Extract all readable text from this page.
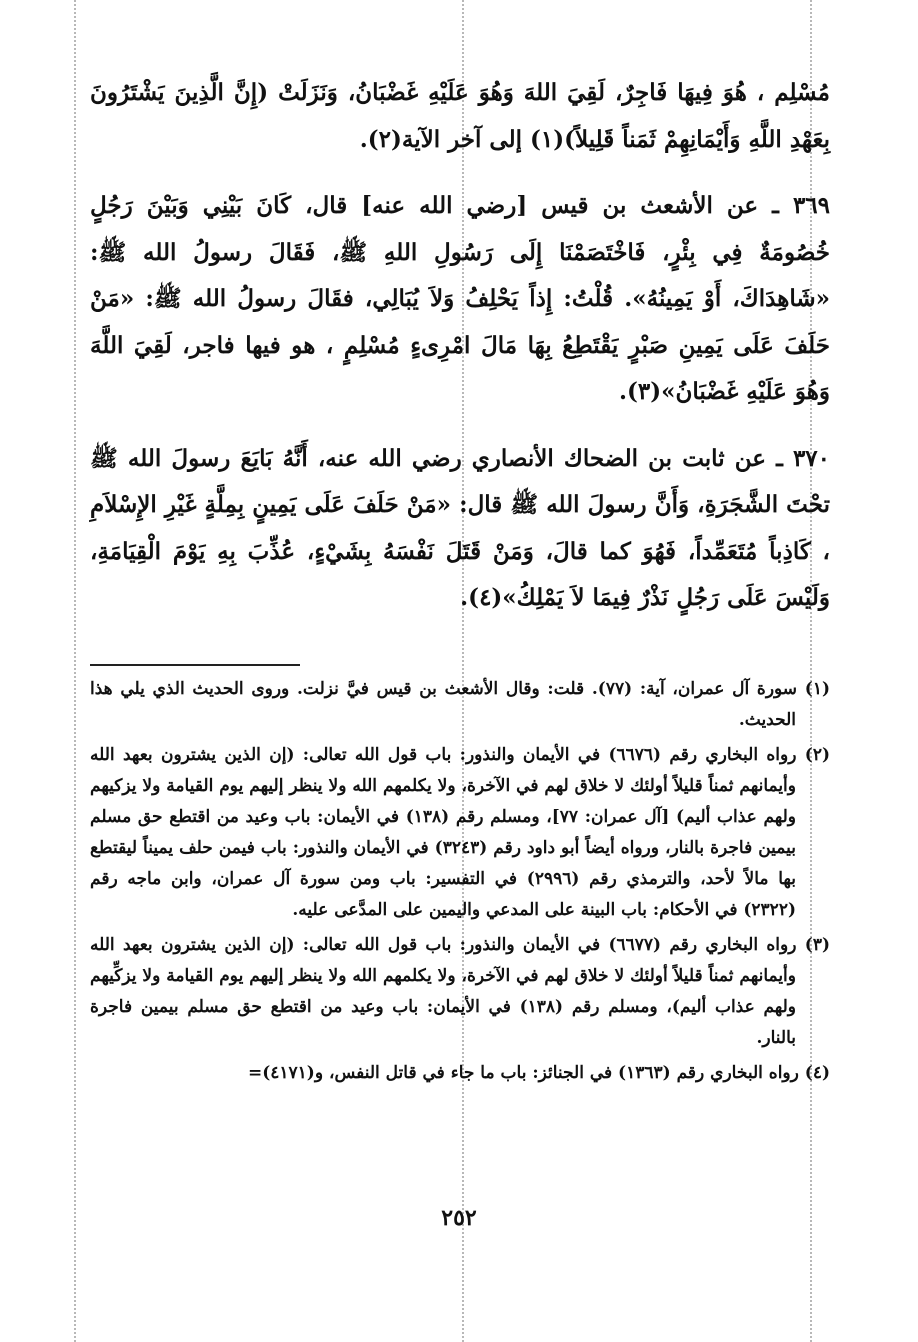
مُسْلِم ، هُوَ فِيهَا فَاجِرٌ، لَقِيَ اللهَ وَهُوَ عَلَيْهِ غَضْبَانُ، وَنَزَلَتْ (إِنَّ الَّذِينَ يَشْتَرُونَ بِعَهْدِ اللَّهِ وَأَيْمَانِهِمْ ثَمَناً قَلِيلاً)(١) إلى آخر الآية(٢).

٣٦٩ ـ عن الأشعث بن قيس [رضي الله عنه] قال، كَانَ بَيْنِي وَبَيْنَ رَجُلٍ خُصُومَةٌ فِي بِئْرٍ، فَاخْتَصَمْنَا إِلَى رَسُولِ اللهِ ﷺ، فَقَالَ رسولُ الله ﷺ: «شَاهِدَاكَ، أَوْ يَمِينُهُ». قُلْتُ: إِذاً يَحْلِفُ وَلاَ يُبَالِي، فقَالَ رسولُ الله ﷺ: «مَنْ حَلَفَ عَلَى يَمِينِ صَبْرٍ يَقْتَطِعُ بِهَا مَالَ امْرِىءٍ مُسْلِمٍ ، هو فيها فاجر، لَقِيَ اللَّهَ وَهُوَ عَلَيْهِ غَضْبَانُ»(٣).

٣٧٠ ـ عن ثابت بن الضحاك الأنصاري رضي الله عنه، أَنَّهُ بَايَعَ رسولَ الله ﷺ تحْتَ الشَّجَرَةِ، وَأَنَّ رسولَ الله ﷺ قال: «مَنْ حَلَفَ عَلَى يَمِينٍ بِمِلَّةٍ غَيْرِ الإِسْلاَمِ ، كَاذِباً مُتَعَمِّداً، فَهُوَ كما قالَ، وَمَنْ قَتَلَ نَفْسَهُ بِشَيْءٍ، عُذِّبَ بِهِ يَوْمَ الْقِيَامَةِ، وَلَيْسَ عَلَى رَجُلٍ نَذْرٌ فِيمَا لاَ يَمْلِكُ»(٤).

(١) سورة آل عمران، آية: (٧٧). قلت: وقال الأشعث بن قيس فيَّ نزلت. وروى الحديث الذي يلي هذا الحديث.

(٢) رواه البخاري رقم (٦٦٧٦) في الأيمان والنذور: باب قول الله تعالى: (إن الذين يشترون بعهد الله وأيمانهم ثمناً قليلاً أولئك لا خلاق لهم في الآخرة، ولا يكلمهم الله ولا ينظر إليهم يوم القيامة ولا يزكيهم ولهم عذاب أليم) [آل عمران: ٧٧]، ومسلم رقم (١٣٨) في الأيمان: باب وعيد من اقتطع حق مسلم بيمين فاجرة بالنار، ورواه أيضاً أبو داود رقم (٣٢٤٣) في الأيمان والنذور: باب فيمن حلف يميناً ليقتطع بها مالاً لأحد، والترمذي رقم (٢٩٩٦) في التفسير: باب ومن سورة آل عمران، وابن ماجه رقم (٢٣٢٢) في الأحكام: باب البينة على المدعي واليمين على المدَّعى عليه.

(٣) رواه البخاري رقم (٦٦٧٧) في الأيمان والنذور: باب قول الله تعالى: (إن الذين يشترون بعهد الله وأيمانهم ثمناً قليلاً أولئك لا خلاق لهم في الآخرة، ولا يكلمهم الله ولا ينظر إليهم يوم القيامة ولا يزكِّيهم ولهم عذاب أليم)، ومسلم رقم (١٣٨) في الأيمان: باب وعيد من اقتطع حق مسلم بيمين فاجرة بالنار.

(٤) رواه البخاري رقم (١٣٦٣) في الجنائز: باب ما جاء في قاتل النفس، و(٤١٧١)=

٢٥٢
